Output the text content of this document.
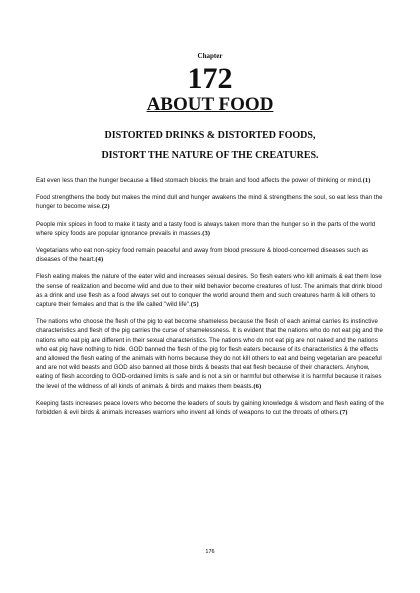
Chapter
172
ABOUT FOOD
DISTORTED DRINKS & DISTORTED FOODS,
DISTORT THE NATURE OF THE CREATURES.

Eat even less than the hunger because a filled stomach blocks the brain and food affects the power of thinking or mind.(1)

Food strengthens the body but makes the mind dull and hunger awakens the mind & strengthens the soul, so eat less than the hunger to become wise.(2)

People mix spices in food to make it tasty and a tasty food is always taken more than the hunger so in the parts of the world where spicy foods are popular ignorance prevails in masses.(3)

Vegetarians who eat non-spicy food remain peaceful and away from blood pressure & blood-concerned diseases such as diseases of the heart.(4)

Flesh eating makes the nature of the eater wild and increases sexual desires. So flesh eaters who kill animals & eat them lose the sense of realization and become wild and due to their wild behavior become creatures of lust. The animals that drink blood as a drink and use flesh as a food always set out to conquer the world around them and such creatures harm & kill others to capture their females and that is the life called "wild life".(5)

The nations who choose the flesh of the pig to eat become shameless because the flesh of each animal carries its instinctive characteristics and flesh of the pig carries the curse of shamelessness. It is evident that the nations who do not eat pig and the nations who eat pig are different in their sexual characteristics. The nations who do not eat pig are not naked and the nations who eat pig have nothing to hide. GOD banned the flesh of the pig for flesh eaters because of its characteristics & the effects and allowed the flesh eating of the animals with horns because they do not kill others to eat and being vegetarian are peaceful and are not wild beasts and GOD also banned all those birds & beasts that eat flesh because of their characters. Anyhow, eating of flesh according to GOD-ordained limits is safe and is not a sin or harmful but otherwise it is harmful because it raises the level of the wildness of all kinds of animals & birds and makes them beasts.(6)

Keeping fasts increases peace lovers who become the leaders of souls by gaining knowledge & wisdom and flesh eating of the forbidden & evil birds & animals increases warriors who invent all kinds of weapons to cut the throats of others.(7)

176
